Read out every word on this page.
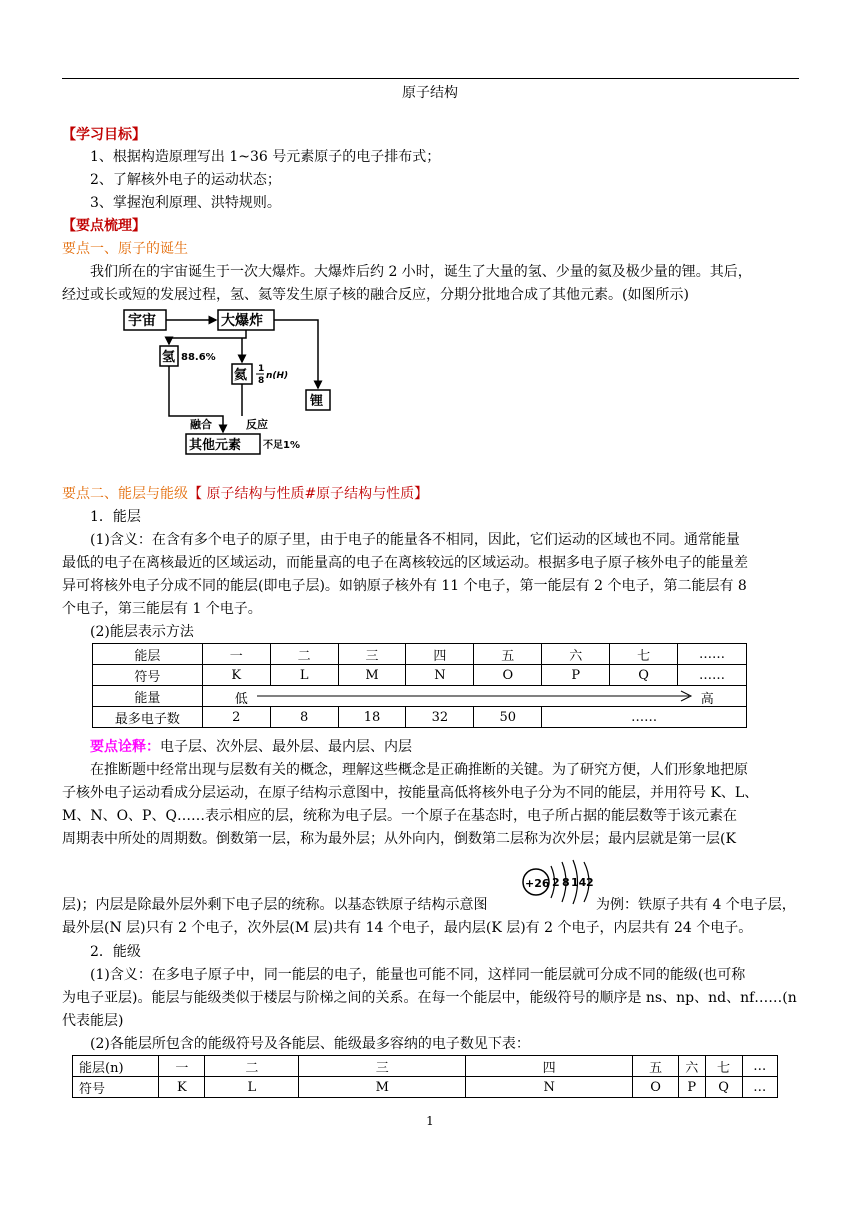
原子结构
【学习目标】
1、根据构造原理写出 1~36 号元素原子的电子排布式；
2、了解核外电子的运动状态；
3、掌握泡利原理、洪特规则。
【要点梳理】
要点一、原子的诞生
我们所在的宇宙诞生于一次大爆炸。大爆炸后约 2 小时，诞生了大量的氢、少量的氦及极少量的锂。其后，
经过或长或短的发展过程，氢、氦等发生原子核的融合反应，分期分批地合成了其他元素。(如图所示)
宇宙	大爆炸
氢 88.6%
氦 1
8 n(H)
锂
融合	反应
其他元素 不足1%
要点二、能层与能级【 原子结构与性质#原子结构与性质】
1．能层
(1)含义：在含有多个电子的原子里，由于电子的能量各不相同，因此，它们运动的区域也不同。通常能量
最低的电子在离核最近的区域运动，而能量高的电子在离核较远的区域运动。根据多电子原子核外电子的能量差
异可将核外电子分成不同的能层(即电子层)。如钠原子核外有 11 个电子，第一能层有 2 个电子，第二能层有 8
个电子，第三能层有 1 个电子。
(2)能层表示方法
能层	一	二	三	四	五	六	七	……
符号	K	L	M	N	O	P	Q	……
能量	低 高							

最多电子数	2	8	18	32	50	……		
要点诠释：电子层、次外层、最外层、最内层、内层
在推断题中经常出现与层数有关的概念，理解这些概念是正确推断的关键。为了研究方便，人们形象地把原
子核外电子运动看成分层运动，在原子结构示意图中，按能量高低将核外电子分为不同的能层，并用符号 K、L、
M、N、O、P、Q……表示相应的层，统称为电子层。一个原子在基态时，电子所占据的能层数等于该元素在
周期表中所处的周期数。倒数第一层，称为最外层；从外向内，倒数第二层称为次外层；最内层就是第一层(K
层)；内层是除最外层外剩下电子层的统称。以基态铁原子结构示意图
+26 2 8 14 2
为例：铁原子共有 4 个电子层，
最外层(N 层)只有 2 个电子，次外层(M 层)共有 14 个电子，最内层(K 层)有 2 个电子，内层共有 24 个电子。
2．能级
(1)含义：在多电子原子中，同一能层的电子，能量也可能不同，这样同一能层就可分成不同的能级(也可称
为电子亚层)。能层与能级类似于楼层与阶梯之间的关系。在每一个能层中，能级符号的顺序是 ns、np、nd、nf……(n
代表能层)
(2)各能层所包含的能级符号及各能层、能级最多容纳的电子数见下表：
能层(n)	一	二	三	四	五	六	七	…
符号	K	L	M	N	O	P	Q	…
1
